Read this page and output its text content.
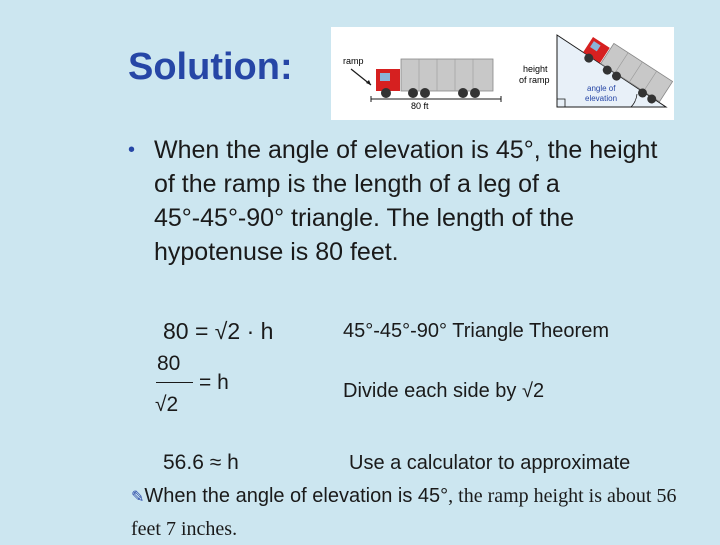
Solution:	ramp
80 ft
height
of ramp
angle of
elevation
• When the angle of elevation is 45°, the height of the ramp is the length of a leg of a 45°-45°-90° triangle. The length of the hypotenuse is 80 feet.
80 = √2 · h	45°-45°-90° Triangle Theorem
80
√2
= h	Divide each side by √2
56.6 ≈ h	Use a calculator to approximate
✎When the angle of elevation is 45°, the ramp height is about 56 feet 7 inches.
